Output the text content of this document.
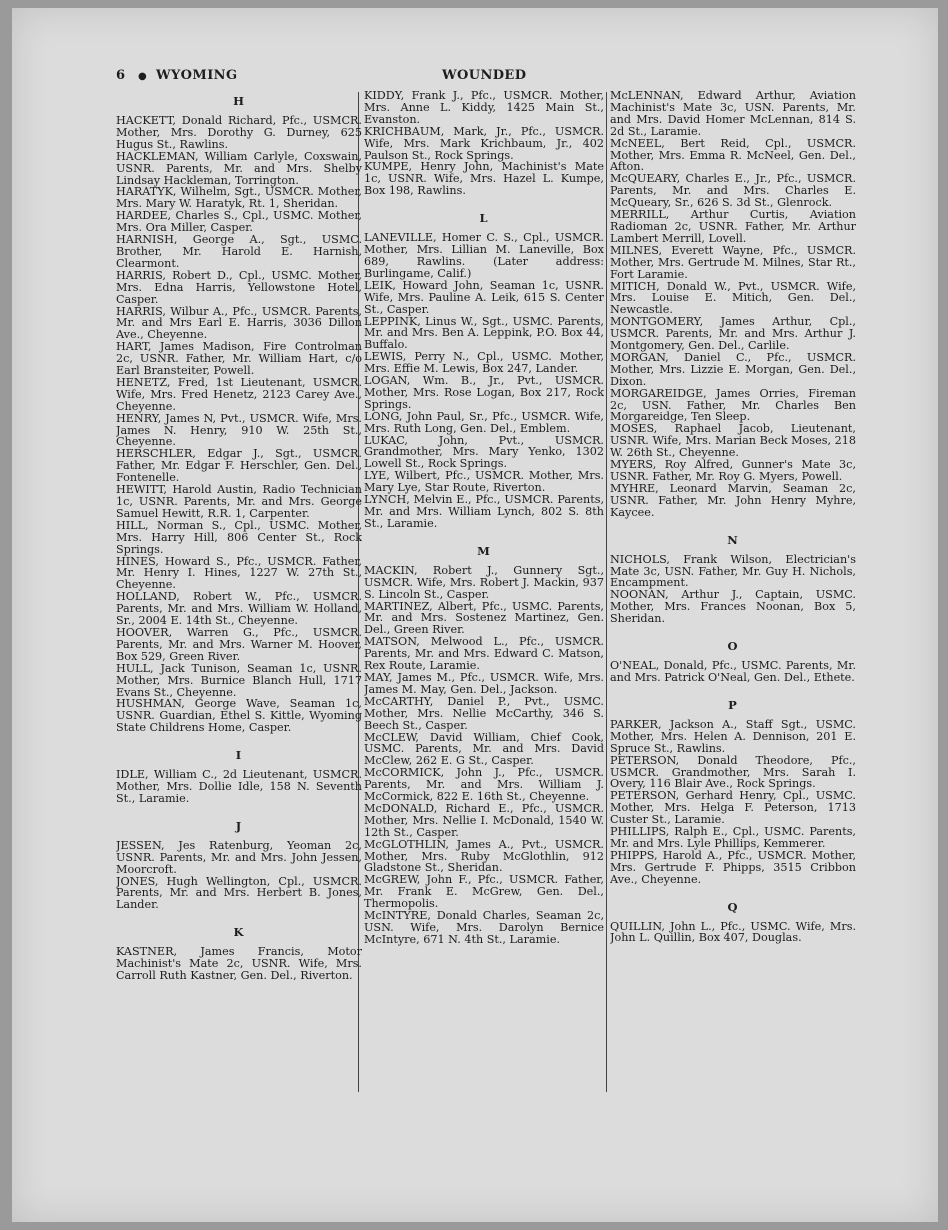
6 ● WYOMING	WOUNDED
H
HACKETT, Donald Richard, Pfc., USMCR. Mother, Mrs. Dorothy G. Durney, 625 Hugus St., Rawlins.
HACKLEMAN, William Carlyle, Coxswain, USNR. Parents, Mr. and Mrs. Shelby Lindsay Hackleman, Torrington.
HARATYK, Wilhelm, Sgt., USMCR. Mother, Mrs. Mary W. Haratyk, Rt. 1, Sheridan.
HARDEE, Charles S., Cpl., USMC. Mother, Mrs. Ora Miller, Casper.
HARNISH, George A., Sgt., USMC. Brother, Mr. Harold E. Harnish, Clearmont.
HARRIS, Robert D., Cpl., USMC. Mother, Mrs. Edna Harris, Yellowstone Hotel, Casper.
HARRIS, Wilbur A., Pfc., USMCR. Parents, Mr. and Mrs Earl E. Harris, 3036 Dillon Ave., Cheyenne.
HART, James Madison, Fire Controlman 2c, USNR. Father, Mr. William Hart, c/o Earl Bransteiter, Powell.
HENETZ, Fred, 1st Lieutenant, USMCR. Wife, Mrs. Fred Henetz, 2123 Carey Ave., Cheyenne.
HENRY, James N, Pvt., USMCR. Wife, Mrs. James N. Henry, 910 W. 25th St., Cheyenne.
HERSCHLER, Edgar J., Sgt., USMCR. Father, Mr. Edgar F. Herschler, Gen. Del., Fontenelle.
HEWITT, Harold Austin, Radio Technician 1c, USNR. Parents, Mr. and Mrs. George Samuel Hewitt, R.R. 1, Carpenter.
HILL, Norman S., Cpl., USMC. Mother, Mrs. Harry Hill, 806 Center St., Rock Springs.
HINES, Howard S., Pfc., USMCR. Father, Mr. Henry I. Hines, 1227 W. 27th St., Cheyenne.
HOLLAND, Robert W., Pfc., USMCR. Parents, Mr. and Mrs. William W. Holland, Sr., 2004 E. 14th St., Cheyenne.
HOOVER, Warren G., Pfc., USMCR. Parents, Mr. and Mrs. Warner M. Hoover, Box 529, Green River.
HULL, Jack Tunison, Seaman 1c, USNR. Mother, Mrs. Burnice Blanch Hull, 1717 Evans St., Cheyenne.
HUSHMAN, George Wave, Seaman 1c, USNR. Guardian, Ethel S. Kittle, Wyoming State Childrens Home, Casper.
I
IDLE, William C., 2d Lieutenant, USMCR. Mother, Mrs. Dollie Idle, 158 N. Seventh St., Laramie.
J
JESSEN, Jes Ratenburg, Yeoman 2c, USNR. Parents, Mr. and Mrs. John Jessen, Moorcroft.
JONES, Hugh Wellington, Cpl., USMCR. Parents, Mr. and Mrs. Herbert B. Jones, Lander.
K
KASTNER, James Francis, Motor Machinist's Mate 2c, USNR. Wife, Mrs. Carroll Ruth Kastner, Gen. Del., Riverton.
KIDDY, Frank J., Pfc., USMCR. Mother, Mrs. Anne L. Kiddy, 1425 Main St., Evanston.
KRICHBAUM, Mark, Jr., Pfc., USMCR. Wife, Mrs. Mark Krichbaum, Jr., 402 Paulson St., Rock Springs.
KUMPE, Henry John, Machinist's Mate 1c, USNR. Wife, Mrs. Hazel L. Kumpe, Box 198, Rawlins.
L
LANEVILLE, Homer C. S., Cpl., USMCR. Mother, Mrs. Lillian M. Laneville, Box 689, Rawlins. (Later address: Burlingame, Calif.)
LEIK, Howard John, Seaman 1c, USNR. Wife, Mrs. Pauline A. Leik, 615 S. Center St., Casper.
LEPPINK, Linus W., Sgt., USMC. Parents, Mr. and Mrs. Ben A. Leppink, P.O. Box 44, Buffalo.
LEWIS, Perry N., Cpl., USMC. Mother, Mrs. Effie M. Lewis, Box 247, Lander.
LOGAN, Wm. B., Jr., Pvt., USMCR. Mother, Mrs. Rose Logan, Box 217, Rock Springs.
LONG, John Paul, Sr., Pfc., USMCR. Wife, Mrs. Ruth Long, Gen. Del., Emblem.
LUKAC, John, Pvt., USMCR. Grandmother, Mrs. Mary Yenko, 1302 Lowell St., Rock Springs.
LYE, Wilbert, Pfc., USMCR. Mother, Mrs. Mary Lye, Star Route, Riverton.
LYNCH, Melvin E., Pfc., USMCR. Parents, Mr. and Mrs. William Lynch, 802 S. 8th St., Laramie.
M
MACKIN, Robert J., Gunnery Sgt., USMCR. Wife, Mrs. Robert J. Mackin, 937 S. Lincoln St., Casper.
MARTINEZ, Albert, Pfc., USMC. Parents, Mr. and Mrs. Sostenez Martinez, Gen. Del., Green River.
MATSON, Melwood L., Pfc., USMCR. Parents, Mr. and Mrs. Edward C. Matson, Rex Route, Laramie.
MAY, James M., Pfc., USMCR. Wife, Mrs. James M. May, Gen. Del., Jackson.
McCARTHY, Daniel P., Pvt., USMC. Mother, Mrs. Nellie McCarthy, 346 S. Beech St., Casper.
McCLEW, David William, Chief Cook, USMC. Parents, Mr. and Mrs. David McClew, 262 E. G St., Casper.
McCORMICK, John J., Pfc., USMCR. Parents, Mr. and Mrs. William J. McCormick, 822 E. 16th St., Cheyenne.
McDONALD, Richard E., Pfc., USMCR. Mother, Mrs. Nellie I. McDonald, 1540 W. 12th St., Casper.
McGLOTHLIN, James A., Pvt., USMCR. Mother, Mrs. Ruby McGlothlin, 912 Gladstone St., Sheridan.
McGREW, John F., Pfc., USMCR. Father, Mr. Frank E. McGrew, Gen. Del., Thermopolis.
McINTYRE, Donald Charles, Seaman 2c, USN. Wife, Mrs. Darolyn Bernice McIntyre, 671 N. 4th St., Laramie.
McLENNAN, Edward Arthur, Aviation Machinist's Mate 3c, USN. Parents, Mr. and Mrs. David Homer McLennan, 814 S. 2d St., Laramie.
McNEEL, Bert Reid, Cpl., USMCR. Mother, Mrs. Emma R. McNeel, Gen. Del., Afton.
McQUEARY, Charles E., Jr., Pfc., USMCR. Parents, Mr. and Mrs. Charles E. McQueary, Sr., 626 S. 3d St., Glenrock.
MERRILL, Arthur Curtis, Aviation Radioman 2c, USNR. Father, Mr. Arthur Lambert Merrill, Lovell.
MILNES, Everett Wayne, Pfc., USMCR. Mother, Mrs. Gertrude M. Milnes, Star Rt., Fort Laramie.
MITICH, Donald W., Pvt., USMCR. Wife, Mrs. Louise E. Mitich, Gen. Del., Newcastle.
MONTGOMERY, James Arthur, Cpl., USMCR. Parents, Mr. and Mrs. Arthur J. Montgomery, Gen. Del., Carlile.
MORGAN, Daniel C., Pfc., USMCR. Mother, Mrs. Lizzie E. Morgan, Gen. Del., Dixon.
MORGAREIDGE, James Orries, Fireman 2c, USN. Father, Mr. Charles Ben Morgareidge, Ten Sleep.
MOSES, Raphael Jacob, Lieutenant, USNR. Wife, Mrs. Marian Beck Moses, 218 W. 26th St., Cheyenne.
MYERS, Roy Alfred, Gunner's Mate 3c, USNR. Father, Mr. Roy G. Myers, Powell.
MYHRE, Leonard Marvin, Seaman 2c, USNR. Father, Mr. John Henry Myhre, Kaycee.
N
NICHOLS, Frank Wilson, Electrician's Mate 3c, USN. Father, Mr. Guy H. Nichols, Encampment.
NOONAN, Arthur J., Captain, USMC. Mother, Mrs. Frances Noonan, Box 5, Sheridan.
O
O'NEAL, Donald, Pfc., USMC. Parents, Mr. and Mrs. Patrick O'Neal, Gen. Del., Ethete.
P
PARKER, Jackson A., Staff Sgt., USMC. Mother, Mrs. Helen A. Dennison, 201 E. Spruce St., Rawlins.
PETERSON, Donald Theodore, Pfc., USMCR. Grandmother, Mrs. Sarah I. Overy, 116 Blair Ave., Rock Springs.
PETERSON, Gerhard Henry, Cpl., USMC. Mother, Mrs. Helga F. Peterson, 1713 Custer St., Laramie.
PHILLIPS, Ralph E., Cpl., USMC. Parents, Mr. and Mrs. Lyle Phillips, Kemmerer.
PHIPPS, Harold A., Pfc., USMCR. Mother, Mrs. Gertrude F. Phipps, 3515 Cribbon Ave., Cheyenne.
Q
QUILLIN, John L., Pfc., USMC. Wife, Mrs. John L. Quillin, Box 407, Douglas.
